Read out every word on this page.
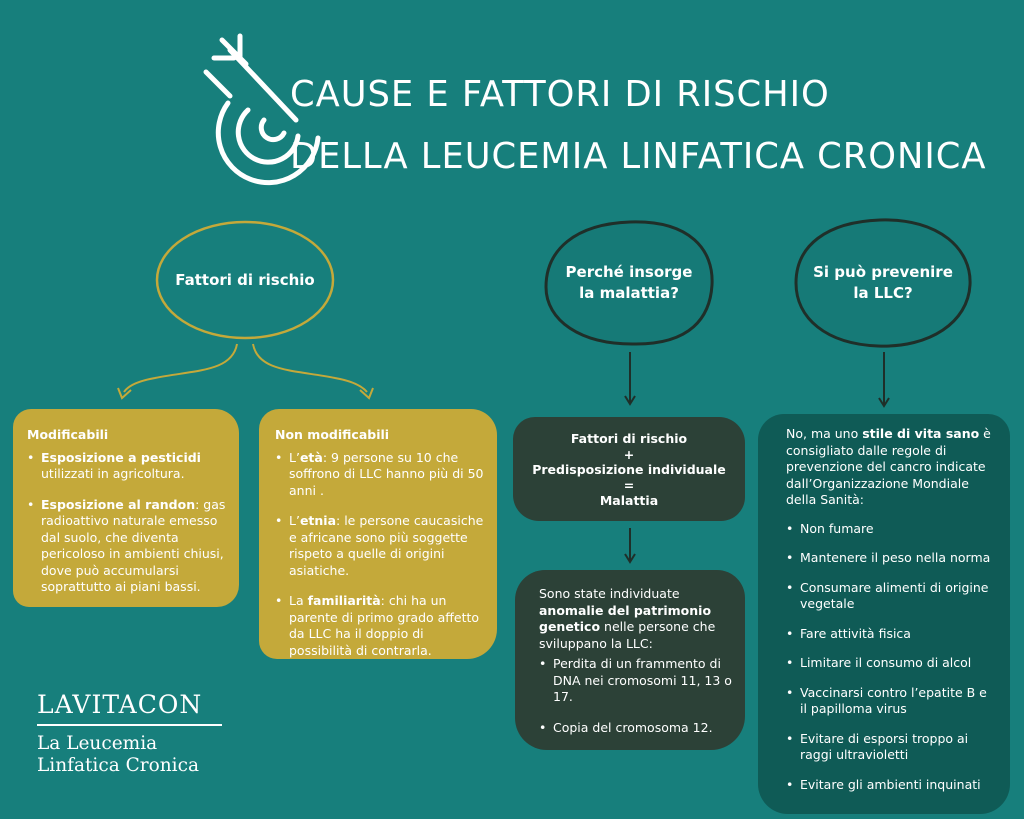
CAUSE E FATTORI DI RISCHIO
DELLA LEUCEMIA LINFATICA CRONICA
Fattori di rischio	Perché insorge la malattia?
Si può prevenire la LLC?
Modificabili
• Esposizione a pesticidi utilizzati in agricoltura.
• Esposizione al randon: gas radioattivo naturale emesso dal suolo, che diventa pericoloso in ambienti chiusi, dove può accumularsi soprattutto ai piani bassi.
Non modificabili
• L’età: 9 persone su 10 che soffrono di LLC hanno più di 50 anni .
• L’etnia: le persone caucasiche e africane sono più soggette rispeto a quelle di origini asiatiche.
• La familiarità: chi ha un parente di primo grado affetto da LLC ha il doppio di possibilità di contrarla.
Fattori di rischio
+
Predisposizione individuale
=
Malattia
Sono state individuate anomalie del patrimonio genetico nelle persone che sviluppano la LLC:
• Perdita di un frammento di DNA nei cromosomi 11, 13 o 17.
• Copia del cromosoma 12.
No, ma uno stile di vita sano è consigliato dalle regole di prevenzione del cancro indicate dall’Organizzazione Mondiale della Sanità:
• Non fumare
• Mantenere il peso nella norma
• Consumare alimenti di origine vegetale
• Fare attività fisica
• Limitare il consumo di alcol
• Vaccinarsi contro l’epatite B e il papilloma virus
• Evitare di esporsi troppo ai raggi ultravioletti
• Evitare gli ambienti inquinati
LAVITACON
La Leucemia
Linfatica Cronica
